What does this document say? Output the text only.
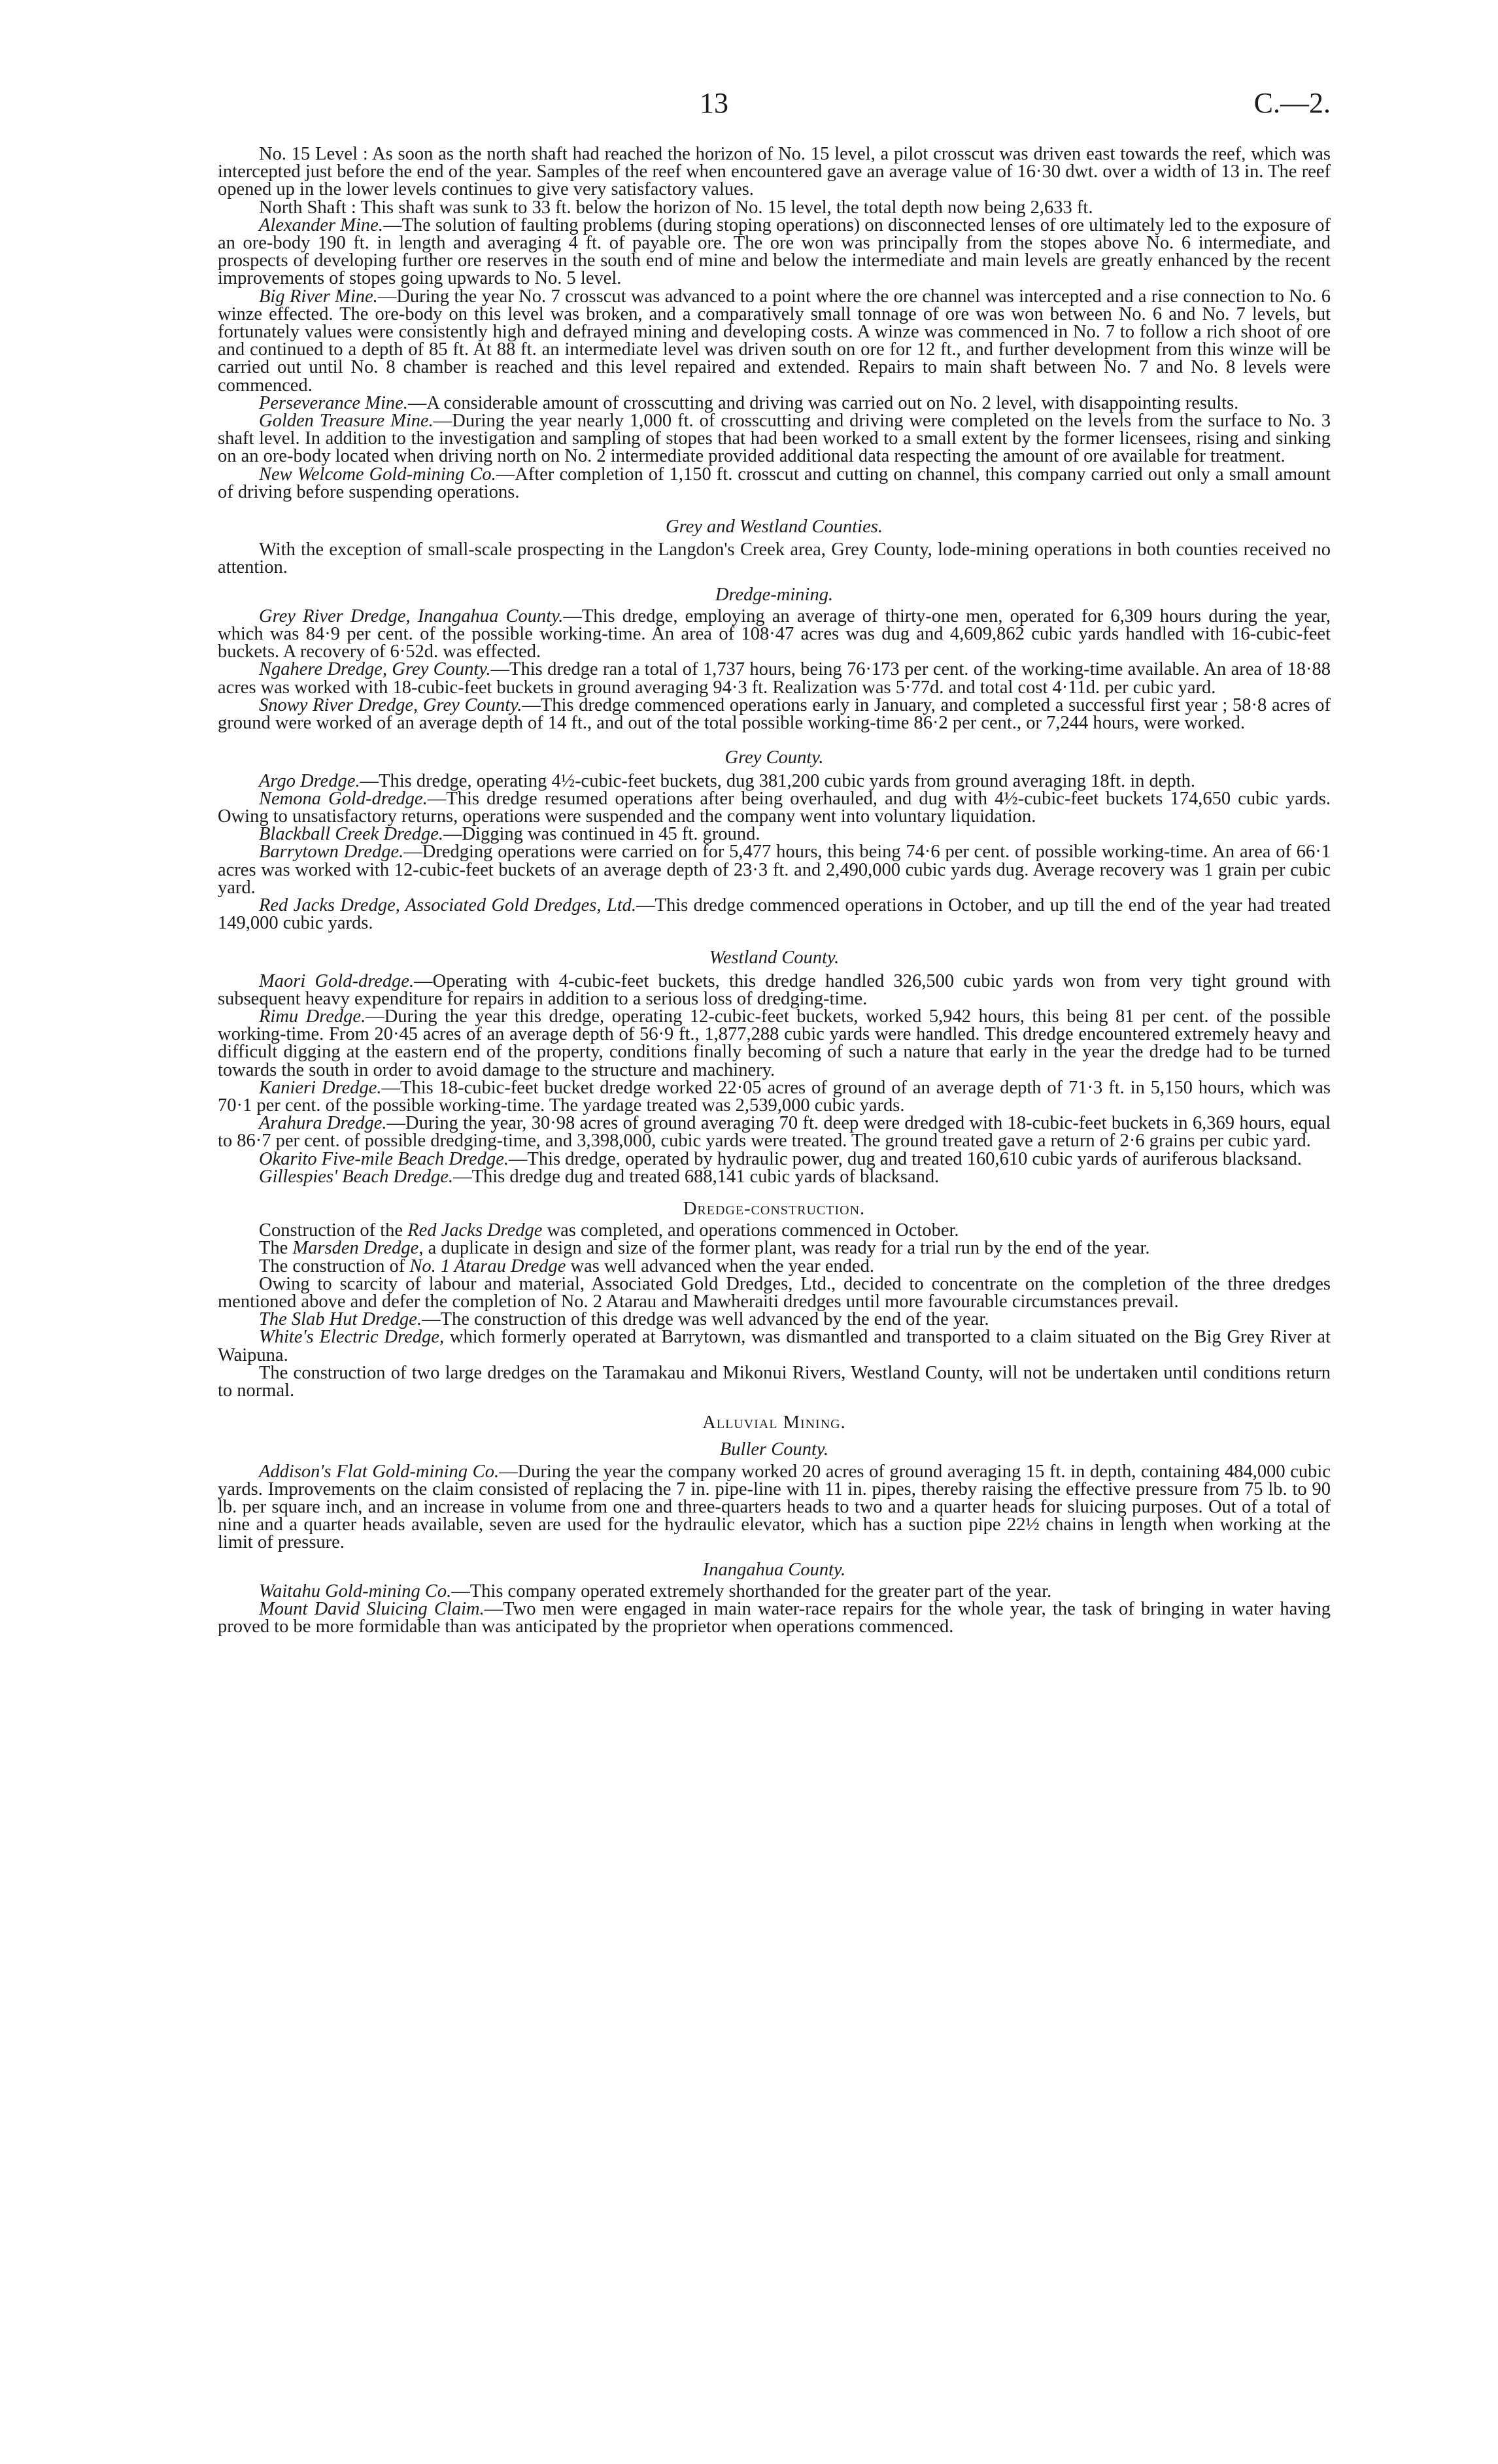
13	C.—2.

No. 15 Level : As soon as the north shaft had reached the horizon of No. 15 level, a pilot crosscut was driven east towards the reef, which was intercepted just before the end of the year. Samples of the reef when encountered gave an average value of 16·30 dwt. over a width of 13 in. The reef opened up in the lower levels continues to give very satisfactory values.

North Shaft : This shaft was sunk to 33 ft. below the horizon of No. 15 level, the total depth now being 2,633 ft.

Alexander Mine.—The solution of faulting problems (during stoping operations) on disconnected lenses of ore ultimately led to the exposure of an ore-body 190 ft. in length and averaging 4 ft. of payable ore. The ore won was principally from the stopes above No. 6 intermediate, and prospects of developing further ore reserves in the south end of mine and below the intermediate and main levels are greatly enhanced by the recent improvements of stopes going upwards to No. 5 level.

Big River Mine.—During the year No. 7 crosscut was advanced to a point where the ore channel was intercepted and a rise connection to No. 6 winze effected. The ore-body on this level was broken, and a comparatively small tonnage of ore was won between No. 6 and No. 7 levels, but fortunately values were consistently high and defrayed mining and developing costs. A winze was commenced in No. 7 to follow a rich shoot of ore and continued to a depth of 85 ft. At 88 ft. an intermediate level was driven south on ore for 12 ft., and further development from this winze will be carried out until No. 8 chamber is reached and this level repaired and extended. Repairs to main shaft between No. 7 and No. 8 levels were commenced.

Perseverance Mine.—A considerable amount of crosscutting and driving was carried out on No. 2 level, with disappointing results.

Golden Treasure Mine.—During the year nearly 1,000 ft. of crosscutting and driving were completed on the levels from the surface to No. 3 shaft level. In addition to the investigation and sampling of stopes that had been worked to a small extent by the former licensees, rising and sinking on an ore-body located when driving north on No. 2 intermediate provided additional data respecting the amount of ore available for treatment.

New Welcome Gold-mining Co.—After completion of 1,150 ft. crosscut and cutting on channel, this company carried out only a small amount of driving before suspending operations.

Grey and Westland Counties.

With the exception of small-scale prospecting in the Langdon's Creek area, Grey County, lode-mining operations in both counties received no attention.

Dredge-mining.

Grey River Dredge, Inangahua County.—This dredge, employing an average of thirty-one men, operated for 6,309 hours during the year, which was 84·9 per cent. of the possible working-time. An area of 108·47 acres was dug and 4,609,862 cubic yards handled with 16-cubic-feet buckets. A recovery of 6·52d. was effected.

Ngahere Dredge, Grey County.—This dredge ran a total of 1,737 hours, being 76·173 per cent. of the working-time available. An area of 18·88 acres was worked with 18-cubic-feet buckets in ground averaging 94·3 ft. Realization was 5·77d. and total cost 4·11d. per cubic yard.

Snowy River Dredge, Grey County.—This dredge commenced operations early in January, and completed a successful first year ; 58·8 acres of ground were worked of an average depth of 14 ft., and out of the total possible working-time 86·2 per cent., or 7,244 hours, were worked.

Grey County.

Argo Dredge.—This dredge, operating 4½-cubic-feet buckets, dug 381,200 cubic yards from ground averaging 18ft. in depth.

Nemona Gold-dredge.—This dredge resumed operations after being overhauled, and dug with 4½-cubic-feet buckets 174,650 cubic yards. Owing to unsatisfactory returns, operations were suspended and the company went into voluntary liquidation.

Blackball Creek Dredge.—Digging was continued in 45 ft. ground.

Barrytown Dredge.—Dredging operations were carried on for 5,477 hours, this being 74·6 per cent. of possible working-time. An area of 66·1 acres was worked with 12-cubic-feet buckets of an average depth of 23·3 ft. and 2,490,000 cubic yards dug. Average recovery was 1 grain per cubic yard.

Red Jacks Dredge, Associated Gold Dredges, Ltd.—This dredge commenced operations in October, and up till the end of the year had treated 149,000 cubic yards.

Westland County.

Maori Gold-dredge.—Operating with 4-cubic-feet buckets, this dredge handled 326,500 cubic yards won from very tight ground with subsequent heavy expenditure for repairs in addition to a serious loss of dredging-time.

Rimu Dredge.—During the year this dredge, operating 12-cubic-feet buckets, worked 5,942 hours, this being 81 per cent. of the possible working-time. From 20·45 acres of an average depth of 56·9 ft., 1,877,288 cubic yards were handled. This dredge encountered extremely heavy and difficult digging at the eastern end of the property, conditions finally becoming of such a nature that early in the year the dredge had to be turned towards the south in order to avoid damage to the structure and machinery.

Kanieri Dredge.—This 18-cubic-feet bucket dredge worked 22·05 acres of ground of an average depth of 71·3 ft. in 5,150 hours, which was 70·1 per cent. of the possible working-time. The yardage treated was 2,539,000 cubic yards.

Arahura Dredge.—During the year, 30·98 acres of ground averaging 70 ft. deep were dredged with 18-cubic-feet buckets in 6,369 hours, equal to 86·7 per cent. of possible dredging-time, and 3,398,000, cubic yards were treated. The ground treated gave a return of 2·6 grains per cubic yard.

Okarito Five-mile Beach Dredge.—This dredge, operated by hydraulic power, dug and treated 160,610 cubic yards of auriferous blacksand.

Gillespies' Beach Dredge.—This dredge dug and treated 688,141 cubic yards of blacksand.

Dredge-construction.

Construction of the Red Jacks Dredge was completed, and operations commenced in October.

The Marsden Dredge, a duplicate in design and size of the former plant, was ready for a trial run by the end of the year.

The construction of No. 1 Atarau Dredge was well advanced when the year ended.

Owing to scarcity of labour and material, Associated Gold Dredges, Ltd., decided to concentrate on the completion of the three dredges mentioned above and defer the completion of No. 2 Atarau and Mawheraiti dredges until more favourable circumstances prevail.

The Slab Hut Dredge.—The construction of this dredge was well advanced by the end of the year.

White's Electric Dredge, which formerly operated at Barrytown, was dismantled and transported to a claim situated on the Big Grey River at Waipuna.

The construction of two large dredges on the Taramakau and Mikonui Rivers, Westland County, will not be undertaken until conditions return to normal.

Alluvial Mining.
Buller County.

Addison's Flat Gold-mining Co.—During the year the company worked 20 acres of ground averaging 15 ft. in depth, containing 484,000 cubic yards. Improvements on the claim consisted of replacing the 7 in. pipe-line with 11 in. pipes, thereby raising the effective pressure from 75 lb. to 90 lb. per square inch, and an increase in volume from one and three-quarters heads to two and a quarter heads for sluicing purposes. Out of a total of nine and a quarter heads available, seven are used for the hydraulic elevator, which has a suction pipe 22½ chains in length when working at the limit of pressure.

Inangahua County.

Waitahu Gold-mining Co.—This company operated extremely shorthanded for the greater part of the year.

Mount David Sluicing Claim.—Two men were engaged in main water-race repairs for the whole year, the task of bringing in water having proved to be more formidable than was anticipated by the proprietor when operations commenced.
